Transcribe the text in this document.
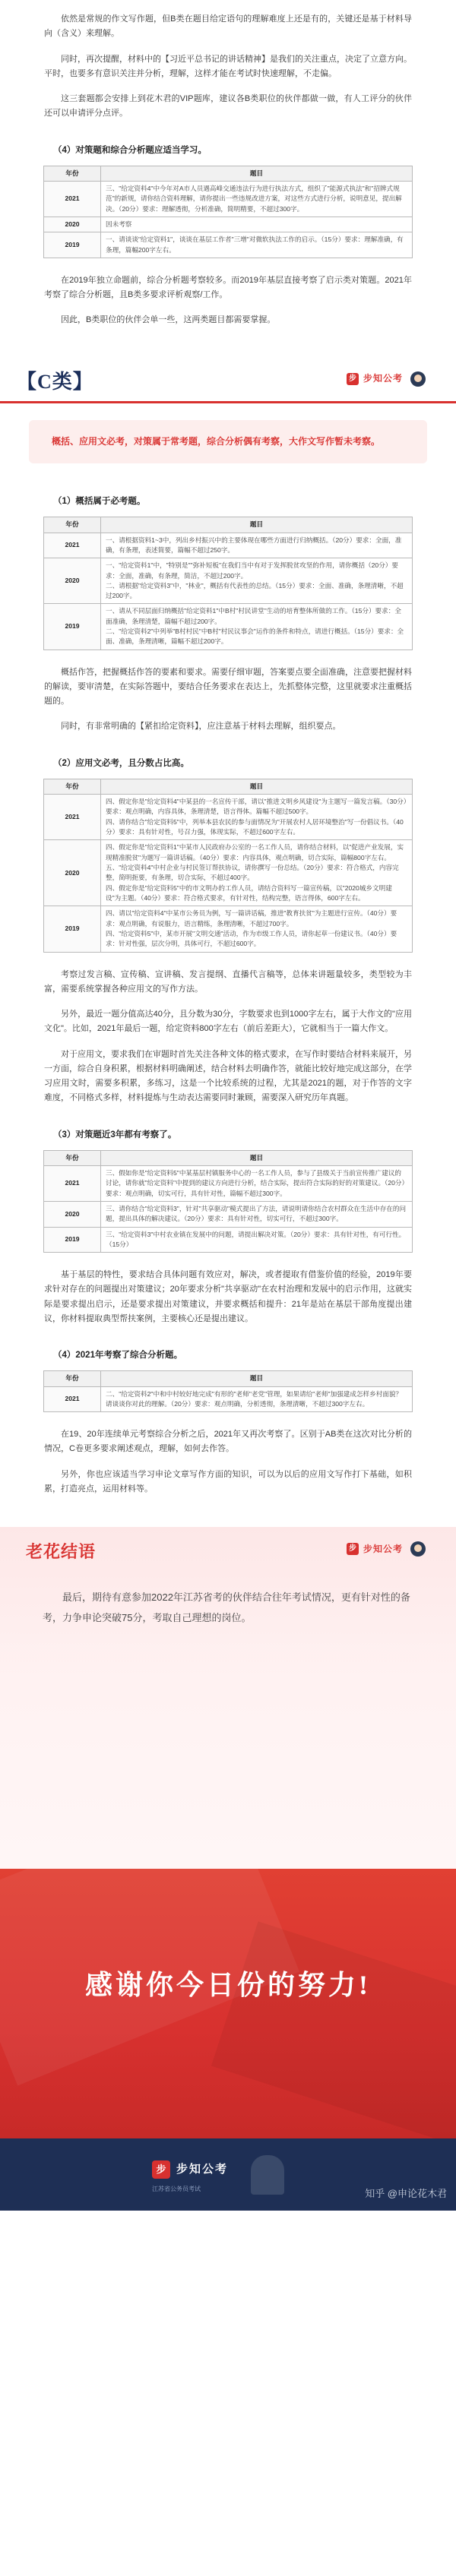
依然是常规的作文写作题，但B类在题目给定语句的理解难度上还是有的，关键还是基于材料导向（含义）来理解。

同时，再次提醒，材料中的【习近平总书记的讲话精神】是我们的关注重点，决定了立意方向。平时，也要多有意识关注并分析，理解，这样才能在考试时快速理解，不走偏。

这三套题都会安排上到花木君的VIP题库，建议各B类职位的伙伴都做一做，有人工评分的伙伴还可以申请评分点评。

（4）对策题和综合分析题应适当学习。
年份	题目
2021	三、"给定资料4"中今年对A市人员遇高峰交通违法行为进行执法方式，组织了"能源式执法"和"招牌式规范"的新规，请你结合资料理解，请你提出一些违规改进方案，对这些方式进行分析，说明意见，提出解决。（20分）要求：理解透彻，分析准确，简明精要，不超过300字。
2020	因未考察
2019	一、请谈谈"给定资料1"，谈谈在基层工作者"三增"对微软执法工作的启示。（15分）要求：理解准确，有条理，篇幅200字左右。

在2019年独立命题前，综合分析题考察较多。而2019年基层直接考察了启示类对策题。2021年考察了综合分析题，且B类多要求评析观察/工作。

因此，B类职位的伙伴会单一些，这两类题目都需要掌握。

【C类】	步 步知公考
概括、应用文必考，对策属于常考题，综合分析偶有考察，大作文写作暂未考察。
（1）概括属于必考题。
年份	题目
2021	一、请根据资料1~3中，列出乡村振兴中的主要体现在哪些方面进行归纳概括。（20分）要求：全面，准确，有条理，表述简要，篇幅不超过250字。
2020	一、"给定资料1"中，"特别是""弥补短板"在我们当中有对于发挥脱贫攻坚的作用，请你概括（20分）要求：全面，准确，有条理，简洁，不超过200字。
二、请根据"给定资料3"中，"林业"，概括有代表性的总结。（15分）要求：全面、准确，条理清晰，不超过200字。
2019	一、请从不同层面归纳概括"给定资料1"中B村"村民讲堂"生动的培育整体所做的工作。（15分）要求：全面准确，条理清楚，篇幅不超过200字。
二、"给定资料2"中列举"B村村民"中B村"村民议事会"运作的条件和特点，请进行概括。（15分）要求：全面、准确，条理清晰，篇幅不超过200字。

概括作答，把握概括作答的要素和要求。需要仔细审题，答案要点要全面准确，注意要把握材料的解读，要审清楚，在实际答题中，要结合任务要求在表达上，先抓整体完整，这里就要求注重概括题的。

同时，有非常明确的【紧扣给定资料】，应注意基于材料去理解，组织要点。

（2）应用文必考，且分数占比高。
年份	题目
2021	四、假定你是"给定资料4"中某县的一名宣传干部，请以"推进文明乡风建设"为主题写一篇发言稿。（30分）要求：观点明确，内容具体，条理清楚，语言得体。篇幅不超过500字。
四、请你结合"给定资料5"中，列举本县农民的参与面情况为"开展农村人居环境整治"写一份倡议书。（40分）要求：具有针对性，号召力强，体现实际，不超过600字左右。
2020	四、假定你是"给定资料1"中某市人民政府办公室的一名工作人员，请你结合材料，以"促进产业发展，实现精准脱贫"为题写一篇讲话稿。（40分）要求：内容具体，观点明确，切合实际，篇幅800字左右。
五、"给定资料4"中村企业与村民签订帮扶协议，请你撰写一份总结。（20分）要求：符合格式，内容完整，简明扼要，有条理，切合实际，不超过400字。
四、假定你是"给定资料5"中的市文明办的工作人员，请结合资料写一篇宣传稿，以"2020城乡文明建设"为主题。（40分）要求：符合格式要求，有针对性，结构完整，语言得体，600字左右。
2019	四、请以"给定资料4"中某市公务员为例，写一篇讲话稿，推进"教育扶贫"为主题进行宣传。（40分）要求：观点明确，有说服力，语言精练，条理清晰，不超过700字。
四、"给定资料5"中，某市开展"文明交通"活动，作为市级工作人员，请你起草一份建议书。（40分）要求：针对性强，层次分明，具体可行，不超过600字。

考察过发言稿、宣传稿、宣讲稿、发言提纲、直播代言稿等，总体来讲题量较多，类型较为丰富，需要系统掌握各种应用文的写作方法。

另外，最近一题分值高达40分，且分数为30分，字数要求也到1000字左右，属于大作文的"应用文化"。比如，2021年最后一题，给定资料800字左右（前后差距大），它就相当于一篇大作文。

对于应用文，要求我们在审题时首先关注各种文体的格式要求，在写作时要结合材料来展开，另一方面，综合自身积累，根据材料明确阐述，结合材料去明确作答，就能比较好地完成这部分，在学习应用文时，需要多积累，多练习，这是一个比较系统的过程，尤其是2021的题，对于作答的文字难度，不同格式多样，材料提炼与生动表达需要同时兼顾，需要深入研究历年真题。

（3）对策题近3年都有考察了。
年份	题目
2021	三、假如你是"给定资料5"中某基层村镇服务中心的一名工作人员，参与了县级关于当前宣传推广建议的讨论，请你就"给定资料"中提到的建议方向进行分析，结合实际，提出符合实际的好的对策建议。（20分）要求：观点明确，切实可行，具有针对性，篇幅不超过300字。
2020	三、请你结合"给定资料3"，针对"共享驱动"模式提出了方法，请说明请你结合农村群众在生活中存在的问题，提出具体的解决建议。（20分）要求：具有针对性，切实可行，不超过300字。
2019	三、"给定资料3"中村农业镇在发展中的问题，请提出解决对策。（20分）要求：具有针对性，有可行性。（15分）

基于基层的特性，要求结合具体问题有效应对，解决，或者提取有借鉴价值的经验，2019年要求针对存在的问题提出对策建议；20年要求分析"共享驱动"在农村治理和发展中的启示作用，这就实际是要求提出启示，还是要求提出对策建议，并要求概括和提升：21年是站在基层干部角度提出建议，你材料提取典型帮扶案例，主要核心还是提出建议。

（4）2021年考察了综合分析题。
年份	题目
2021	二、"给定资料2"中和中村较好地完成"有形的"老师"老党"管理，如果请给"老师"加强建成怎样乡村面貌？请谈谈你对此的理解。（20分）要求：观点明确，分析透彻，条理清晰，不超过300字左右。

在19、20年连续单元考察综合分析之后，2021年又再次考察了。区别于AB类在这次对比分析的情况，C卷更多要求阐述观点，理解，如何去作答。

另外，你也应该适当学习申论文章写作方面的知识，可以为以后的应用文写作打下基础，如积累，打造亮点，运用材料等。

老花结语	步 步知公考
最后，期待有意参加2022年江苏省考的伙伴结合往年考试情况，更有针对性的备考，力争申论突破75分，考取自己理想的岗位。
感谢你今日份的努力!
步 步知公考
江苏省公务员考试	知乎 @申论花木君
